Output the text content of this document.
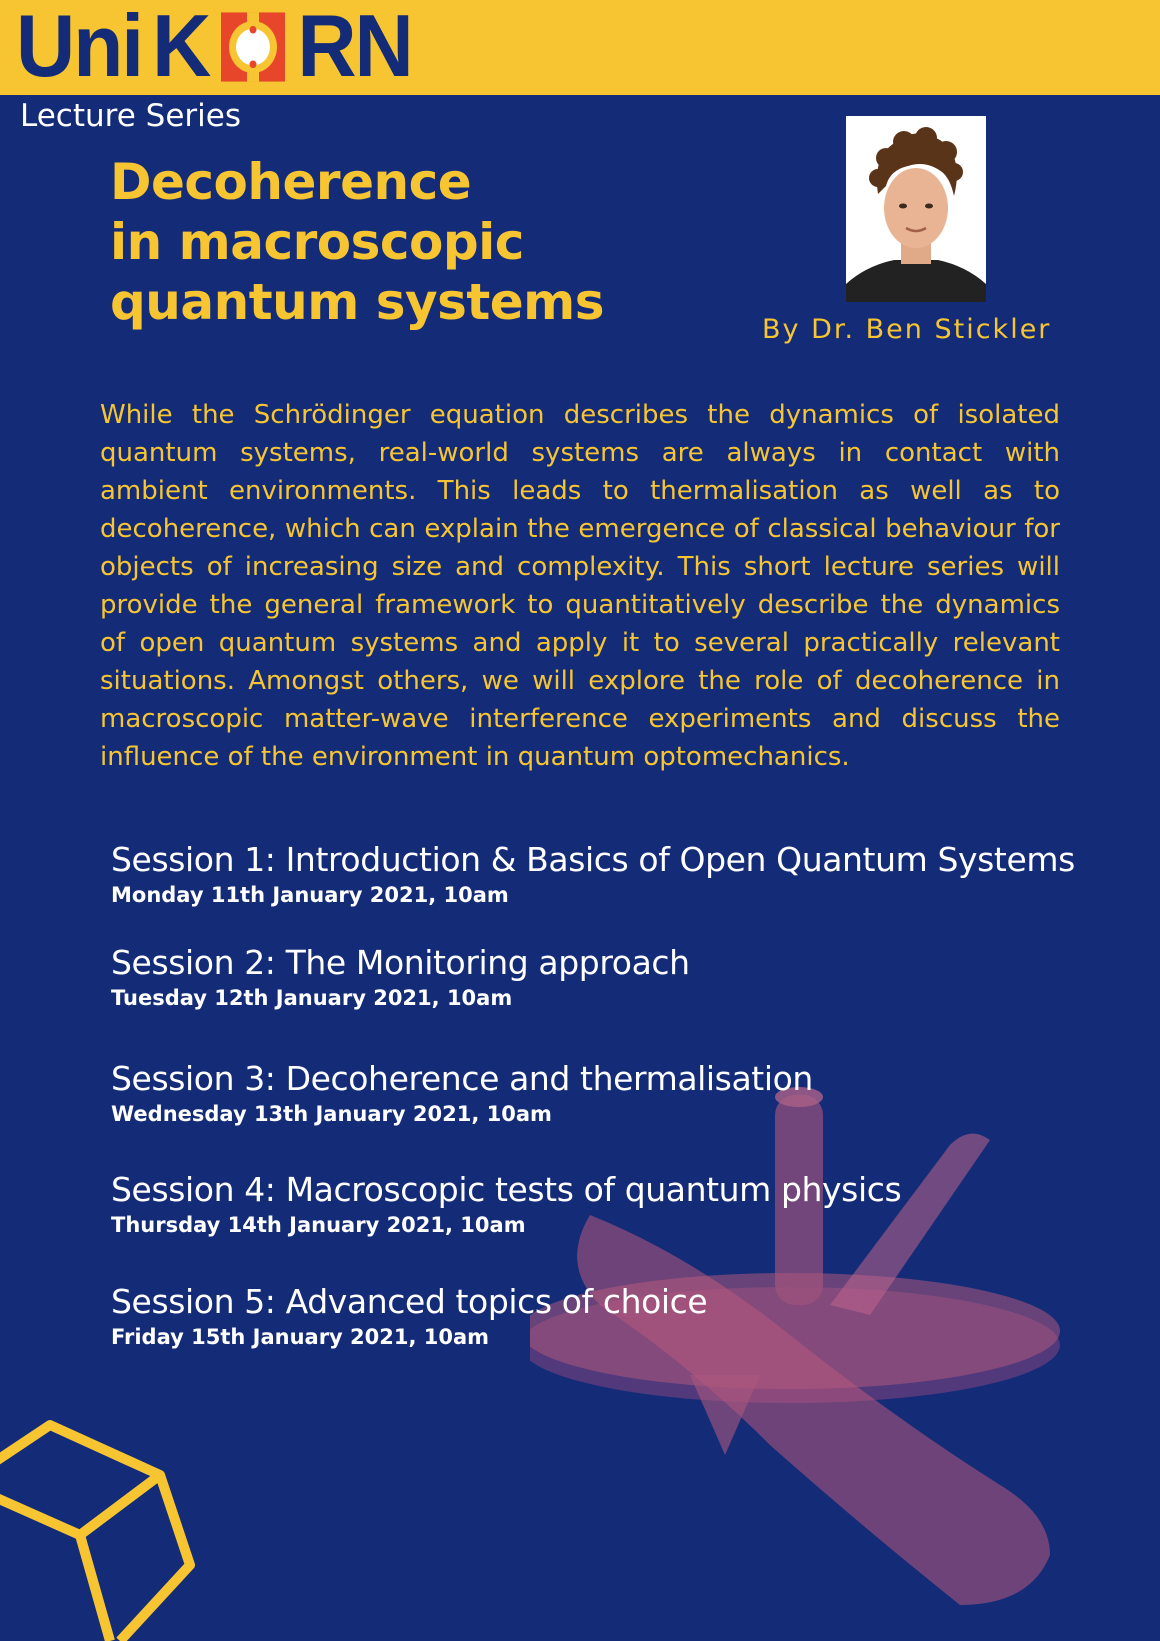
Uni K RN
Lecture Series
Decoherence
in macroscopic
quantum systems	By Dr. Ben Stickler

While the Schrödinger equation describes the dynamics of isolated quantum systems, real-world systems are always in contact with ambient environments. This leads to thermalisation as well as to decoherence, which can explain the emergence of classical behaviour for objects of increasing size and complexity. This short lecture series will provide the general framework to quantitatively describe the dynamics of open quantum systems and apply it to several practically relevant situations. Amongst others, we will explore the role of decoherence in macroscopic matter-wave interference experiments and discuss the influence of the environment in quantum optomechanics.

Session 1: Introduction & Basics of Open Quantum Systems
Monday 11th January 2021, 10am
Session 2: The Monitoring approach
Tuesday 12th January 2021, 10am
Session 3: Decoherence and thermalisation
Wednesday 13th January 2021, 10am
Session 4: Macroscopic tests of quantum physics
Thursday 14th January 2021, 10am
Session 5: Advanced topics of choice
Friday 15th January 2021, 10am
